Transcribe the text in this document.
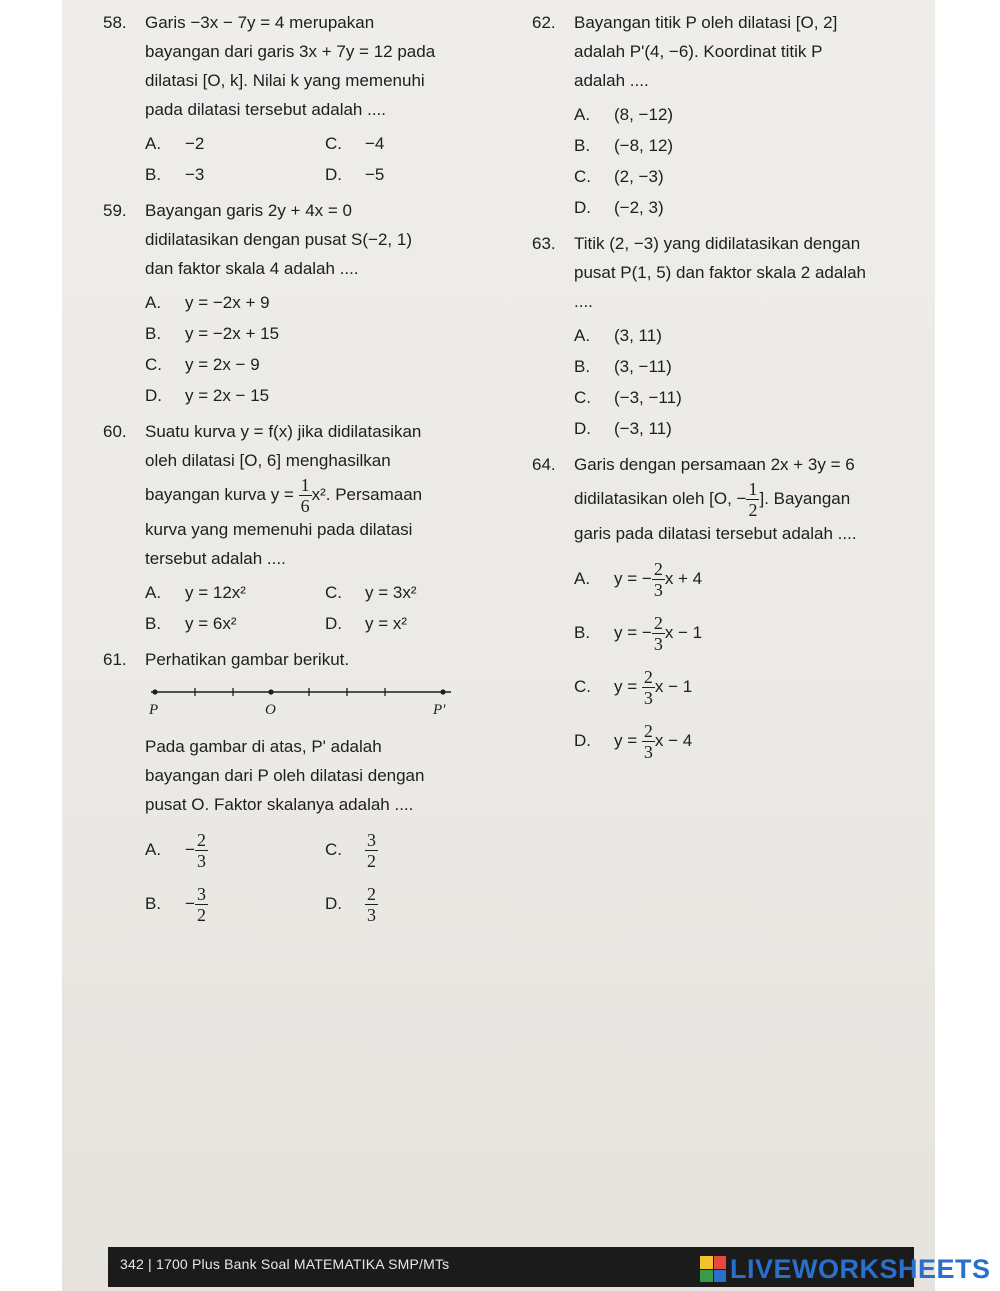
58. Garis −3x − 7y = 4 merupakan
bayangan dari garis 3x + 7y = 12 pada
dilatasi [O, k]. Nilai k yang memenuhi
pada dilatasi tersebut adalah ....
A. −2	C. −4
B. −3	D. −5
59. Bayangan garis 2y + 4x = 0
didilatasikan dengan pusat S(−2, 1)
dan faktor skala 4 adalah ....
A. y = −2x + 9
B. y = −2x + 15
C. y = 2x − 9
D. y = 2x − 15
60. Suatu kurva y = f(x) jika didilatasikan
oleh dilatasi [O, 6] menghasilkan
bayangan kurva $y = \frac{1}{6} x^2$. Persamaan
kurva yang memenuhi pada dilatasi
tersebut adalah ....
A. y = 12x²	C. y = 3x²
B. y = 6x²	D. y = x²
61. Perhatikan gambar berikut.
P	O	P'
Pada gambar di atas, P' adalah
bayangan dari P oleh dilatasi dengan
pusat O. Faktor skalanya adalah ....
A. − $\frac{2}{3}$	C. $\frac{3}{2}$
B. − $\frac{3}{2}$	D. $\frac{2}{3}$
62. Bayangan titik P oleh dilatasi [O, 2]
adalah P'(4, −6). Koordinat titik P
adalah ....
A. (8, −12)
B. (−8, 12)
C. (2, −3)
D. (−2, 3)
63. Titik (2, −3) yang didilatasikan dengan
pusat P(1, 5) dan faktor skala 2 adalah
....
A. (3, 11)
B. (3, −11)
C. (−3, −11)
D. (−3, 11)
64. Garis dengan persamaan 2x + 3y = 6
didilatasikan oleh [O, − $\frac{1}{2}$ ]. Bayangan
garis pada dilatasi tersebut adalah ....
A. y = − $\frac{2}{3}$ x + 4
B. y = − $\frac{2}{3}$ x − 1
C. $y = \frac{2}{3}$ x − 1
D. $y = \frac{2}{3}$ x − 4
342 | 1700 Plus Bank Soal MATEMATIKA SMP/MTs	LIVEWORKSHEETS
